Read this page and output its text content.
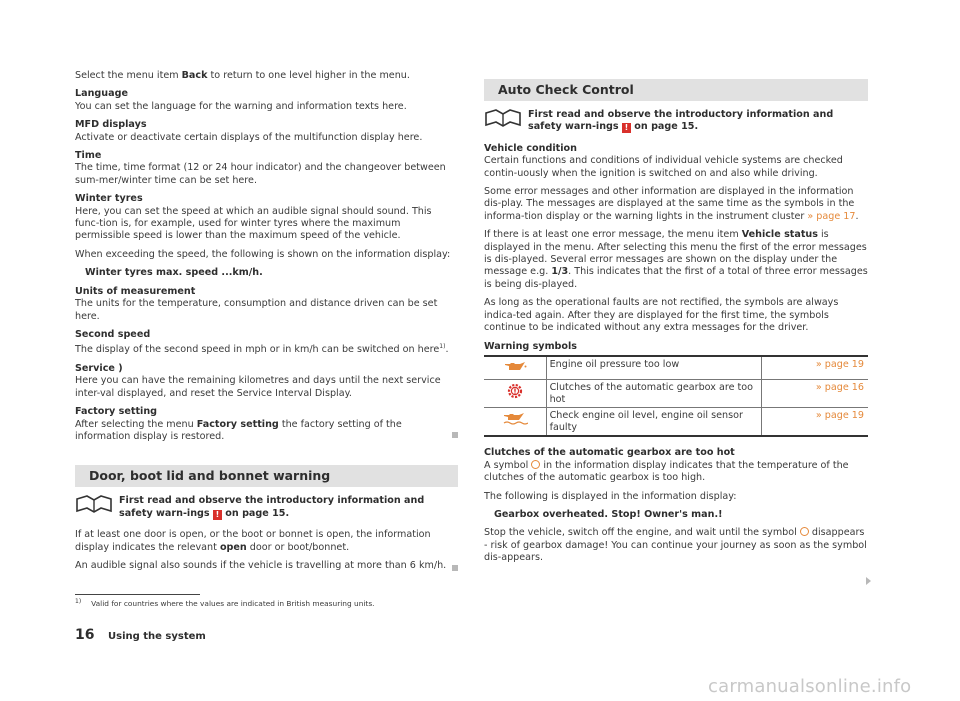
Select the menu item Back to return to one level higher in the menu.

Language
You can set the language for the warning and information texts here.

MFD displays
Activate or deactivate certain displays of the multifunction display here.

Time
The time, time format (12 or 24 hour indicator) and the changeover between sum-mer/winter time can be set here.

Winter tyres
Here, you can set the speed at which an audible signal should sound. This func-tion is, for example, used for winter tyres where the maximum permissible speed is lower than the maximum speed of the vehicle.

When exceeding the speed, the following is shown on the information display:

Winter tyres max. speed ...km/h.

Units of measurement
The units for the temperature, consumption and distance driven can be set here.

Second speed
The display of the second speed in mph or in km/h can be switched on here$^{1)}$.

Service )
Here you can have the remaining kilometres and days until the next service inter-val displayed, and reset the Service Interval Display.

Factory setting
After selecting the menu Factory setting the factory setting of the information display is restored.

Door, boot lid and bonnet warning
First read and observe the introductory information and safety warn-ings ! on page 15.

If at least one door is open, or the boot or bonnet is open, the information display indicates the relevant open door or boot/bonnet.

An audible signal also sounds if the vehicle is travelling at more than 6 km/h.

Auto Check Control
First read and observe the introductory information and safety warn-ings ! on page 15.

Vehicle condition
Certain functions and conditions of individual vehicle systems are checked contin-uously when the ignition is switched on and also while driving.

Some error messages and other information are displayed in the information dis-play. The messages are displayed at the same time as the symbols in the informa-tion display or the warning lights in the instrument cluster » page 17.

If there is at least one error message, the menu item Vehicle status is displayed in the menu. After selecting this menu the first of the error messages is dis-played. Several error messages are shown on the display under the message e.g. 1/3. This indicates that the first of a total of three error messages is being dis-played.

As long as the operational faults are not rectified, the symbols are always indica-ted again. After they are displayed for the first time, the symbols continue to be indicated without any extra messages for the driver.

Warning symbols

	Engine oil pressure too low	» page 19
	Clutches of the automatic gearbox are too hot	» page 16
	Check engine oil level, engine oil sensor faulty	» page 19

Clutches of the automatic gearbox are too hot
A symbol  in the information display indicates that the temperature of the clutches of the automatic gearbox is too high.

The following is displayed in the information display:

Gearbox overheated. Stop! Owner's man.!

Stop the vehicle, switch off the engine, and wait until the symbol  disappears - risk of gearbox damage! You can continue your journey as soon as the symbol dis-appears.

$^{1)}$ Valid for countries where the values are indicated in British measuring units.
16 Using the system
carmanualsonline.info
